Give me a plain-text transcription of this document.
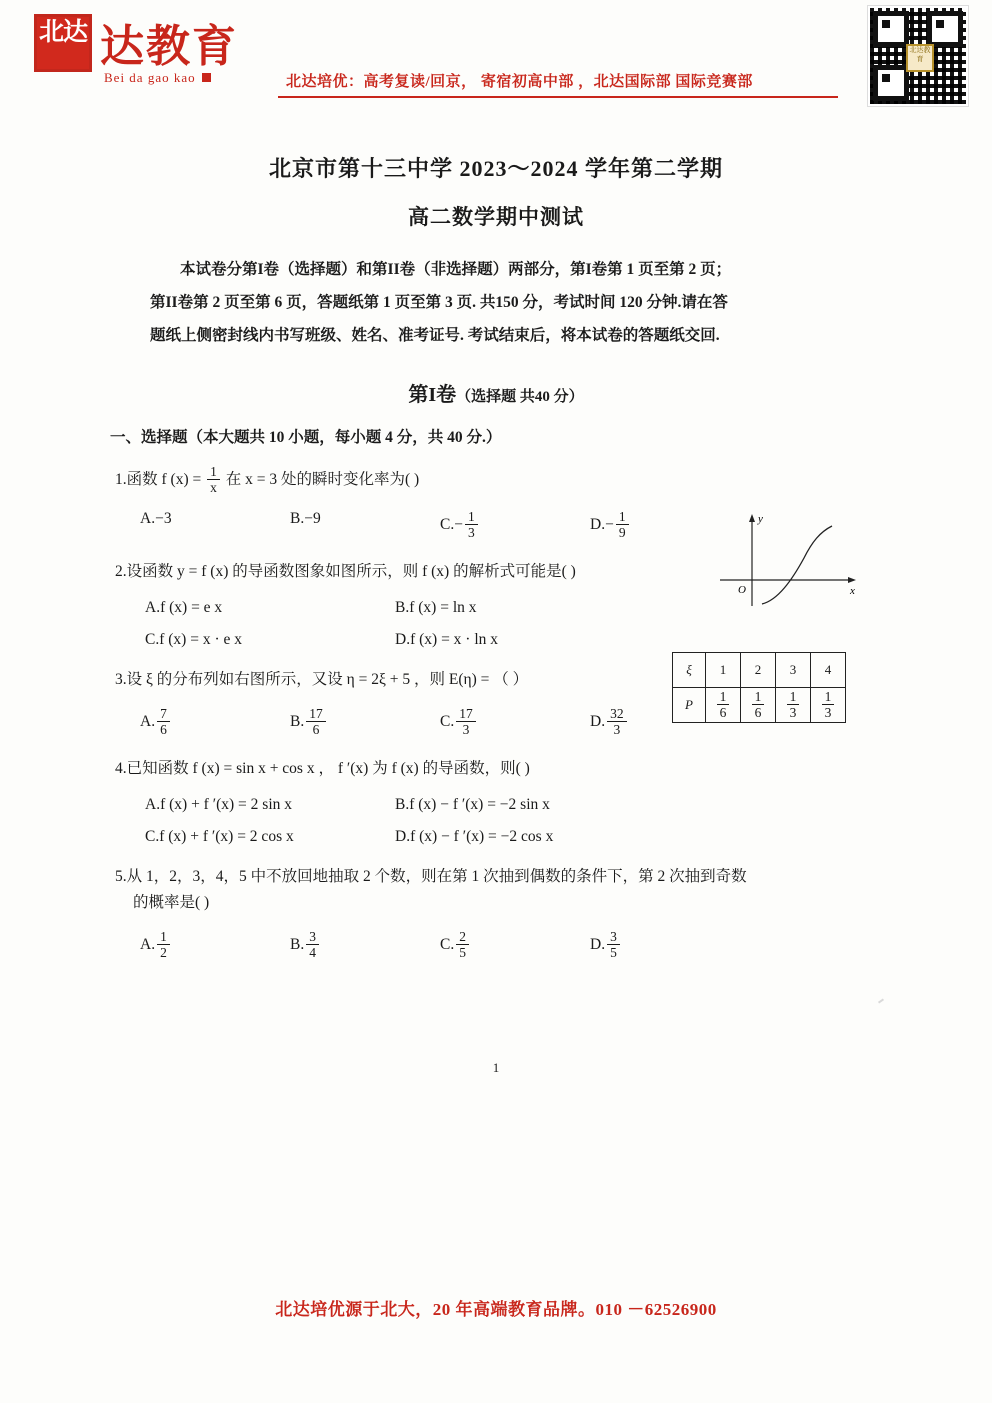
北达 达教育
Bei da gao kao	北达培优：高考复读/回京， 寄宿初高中部 ，北达国际部 国际竞赛部
北达教育
北京市第十三中学 2023～2024 学年第二学期
高二数学期中测试
本试卷分第I卷（选择题）和第II卷（非选择题）两部分，第I卷第 1 页至第 2 页；
第II卷第 2 页至第 6 页，答题纸第 1 页至第 3 页. 共150 分，考试时间 120 分钟.请在答
题纸上侧密封线内书写班级、姓名、准考证号. 考试结束后，将本试卷的答题纸交回.
第I卷（选择题 共40 分）
一、选择题（本大题共 10 小题，每小题 4 分，共 40 分.）
1.函数 f $(x) = \frac{1}{x}$ 在 x = 3 处的瞬时变化率为( )
A.−3	B.−9	$C.- \frac{1}{3}$	$D.- \frac{1}{9}$
2.设函数 y = f (x) 的导函数图象如图所示，则 f (x) 的解析式可能是( )
A.f (x) = e x	B.f (x) = ln x
C.f (x) = x · e x	D.f (x) = x · ln x
3.设 ξ 的分布列如右图所示，又设 η = 2ξ + 5 ，则 E(η) = （ ）
A. $\frac{7}{6}$	B. $\frac{17}{6}$	C. $\frac{17}{3}$	D. $\frac{32}{3}$
4.已知函数 f (x) = sin x + cos x ， f ′(x) 为 f (x) 的导函数，则( )
A.f (x) + f ′(x) = 2 sin x	B.f (x) − f ′(x) = −2 sin x
C.f (x) + f ′(x) = 2 cos x	D.f (x) − f ′(x) = −2 cos x
5.从 1，2，3，4，5 中不放回地抽取 2 个数，则在第 1 次抽到偶数的条件下，第 2 次抽到奇数
的概率是( )
A. $\frac{1}{2}$	B. $\frac{3}{4}$	C. $\frac{2}{5}$	D. $\frac{3}{5}$
y
x
O
ξ	1	2	3	4
P	$\frac{1}{6}$	$\frac{1}{6}$	$\frac{1}{3}$	$\frac{1}{3}$
1
北达培优源于北大，20 年高端教育品牌。010 －62526900
